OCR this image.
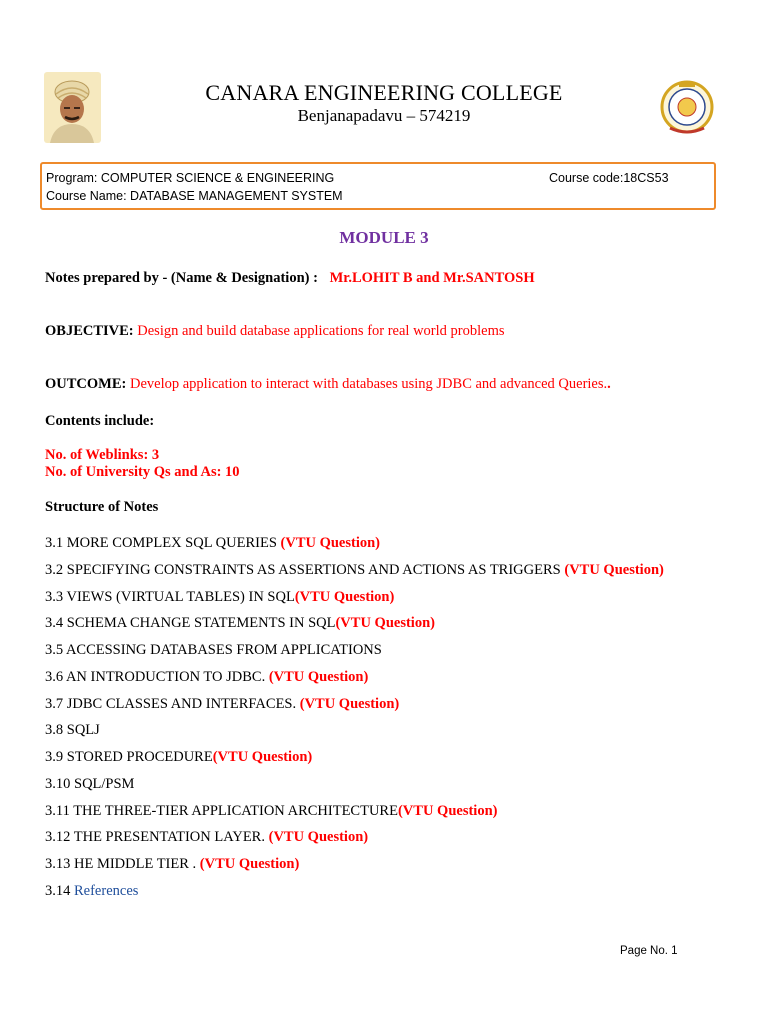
CANARA ENGINEERING COLLEGE
Benjanapadavu – 574219
Program: COMPUTER SCIENCE & ENGINEERING	Course code:18CS53
Course Name: DATABASE MANAGEMENT SYSTEM
MODULE 3
Notes prepared by - (Name & Designation) : Mr.LOHIT B and Mr.SANTOSH
OBJECTIVE: Design and build database applications for real world problems
OUTCOME: Develop application to interact with databases using JDBC and advanced Queries..
Contents include:
No. of Weblinks: 3
No. of University Qs and As: 10
Structure of Notes
3.1 MORE COMPLEX SQL QUERIES (VTU Question)
3.2 SPECIFYING CONSTRAINTS AS ASSERTIONS AND ACTIONS AS TRIGGERS (VTU Question)
3.3 VIEWS (VIRTUAL TABLES) IN SQL(VTU Question)
3.4 SCHEMA CHANGE STATEMENTS IN SQL(VTU Question)
3.5 ACCESSING DATABASES FROM APPLICATIONS
3.6 AN INTRODUCTION TO JDBC. (VTU Question)
3.7 JDBC CLASSES AND INTERFACES. (VTU Question)
3.8 SQLJ
3.9 STORED PROCEDURE(VTU Question)
3.10 SQL/PSM
3.11 THE THREE-TIER APPLICATION ARCHITECTURE(VTU Question)
3.12 THE PRESENTATION LAYER. (VTU Question)
3.13 HE MIDDLE TIER . (VTU Question)
3.14 References
Page No. 1
